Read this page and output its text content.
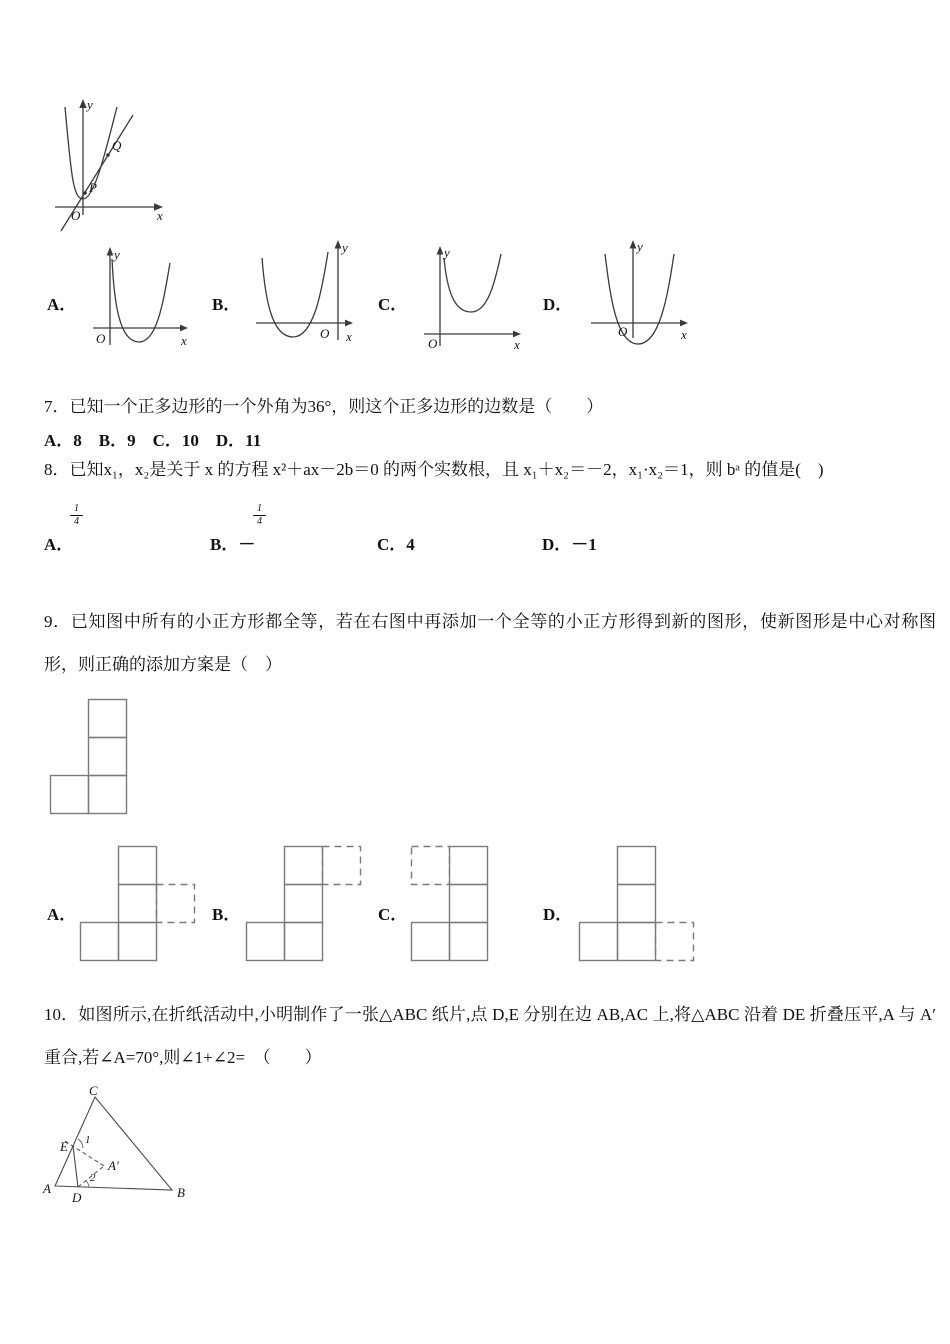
P
Q
O
y
x
A．
O
y
x
B．
O
y
x
C．
O
y
x
D．
O
y
x
7．已知一个正多边形的一个外角为36°，则这个正多边形的边数是（　　）
A．8　B．9　C．10　D．11
8．已知x₁，x₂是关于 x 的方程 x²＋ax－2b＝0 的两个实数根，且 x₁＋x₂＝－2，x₁·x₂＝1，则 bᵃ 的值是(　)
$\frac{1}{4}$	$\frac{1}{4}$
A．	B．－	C．4	D．－1
9．已知图中所有的小正方形都全等，若在右图中再添加一个全等的小正方形得到新的图形，使新图形是中心对称图形，则正确的添加方案是（　）
A．	B．	C．	D．
10．如图所示,在折纸活动中,小明制作了一张△ABC 纸片,点 D,E 分别在边 AB,AC 上,将△ABC 沿着 DE 折叠压平,A 与 A′重合,若∠A=70°,则∠1+∠2=　（　　）
A	B
C
E
D
A′
1
2
